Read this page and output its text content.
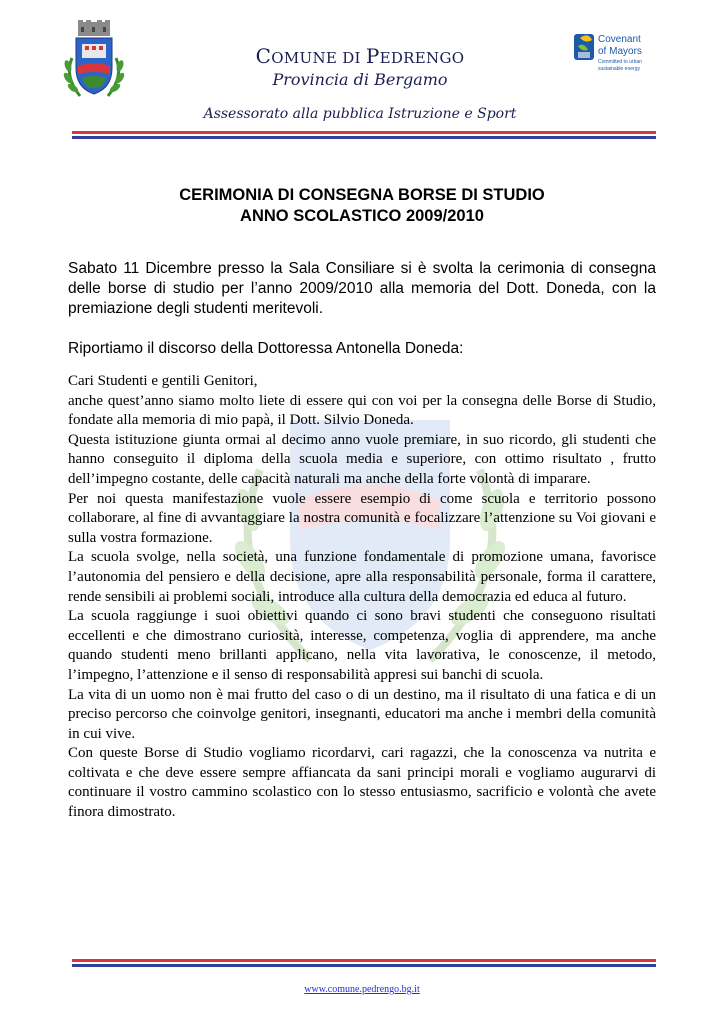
COMUNE DI PEDRENGO
Provincia di Bergamo
Assessorato alla pubblica Istruzione e Sport
Covenant
of Mayors
Committed to urban
sustainable energy
CERIMONIA DI CONSEGNA BORSE DI STUDIO
ANNO SCOLASTICO 2009/2010
Sabato 11 Dicembre presso la Sala Consiliare si è svolta la cerimonia di consegna delle borse di studio per l’anno 2009/2010 alla memoria del Dott. Doneda, con la premiazione degli studenti meritevoli.
Riportiamo il discorso della Dottoressa Antonella Doneda:

Cari Studenti e gentili Genitori,

anche quest’anno siamo molto liete di essere qui con voi per la consegna delle Borse di Studio, fondate alla memoria di mio papà, il Dott. Silvio Doneda.

Questa istituzione giunta ormai al decimo anno vuole premiare, in suo ricordo, gli studenti che hanno conseguito il diploma della scuola media e superiore, con ottimo risultato , frutto dell’impegno costante, delle capacità naturali ma anche della forte volontà di imparare.

Per noi questa manifestazione vuole essere esempio di come scuola e territorio possono collaborare, al fine di avvantaggiare la nostra comunità e focalizzare l’attenzione su Voi giovani e sulla vostra formazione.

La scuola svolge, nella società, una funzione fondamentale di promozione umana, favorisce l’autonomia del pensiero e della decisione, apre alla responsabilità personale, forma il carattere, rende sensibili ai problemi sociali, introduce alla cultura della democrazia ed educa al futuro.

La scuola raggiunge i suoi obiettivi quando ci sono bravi studenti che conseguono risultati eccellenti e che dimostrano curiosità, interesse, competenza, voglia di apprendere, ma anche quando studenti meno brillanti applicano, nella vita lavorativa, le conoscenze, il metodo, l’impegno, l’attenzione e il senso di responsabilità appresi sui banchi di scuola.

La vita di un uomo non è mai frutto del caso o di un destino, ma il risultato di una fatica e di un preciso percorso che coinvolge genitori, insegnanti, educatori ma anche i membri della comunità in cui vive.

Con queste Borse di Studio vogliamo ricordarvi, cari ragazzi, che la conoscenza va nutrita e coltivata e che deve essere sempre affiancata da sani principi morali e vogliamo augurarvi di continuare il vostro cammino scolastico con lo stesso entusiasmo, sacrificio e volontà che avete finora dimostrato.

www.comune.pedrengo.bg.it
